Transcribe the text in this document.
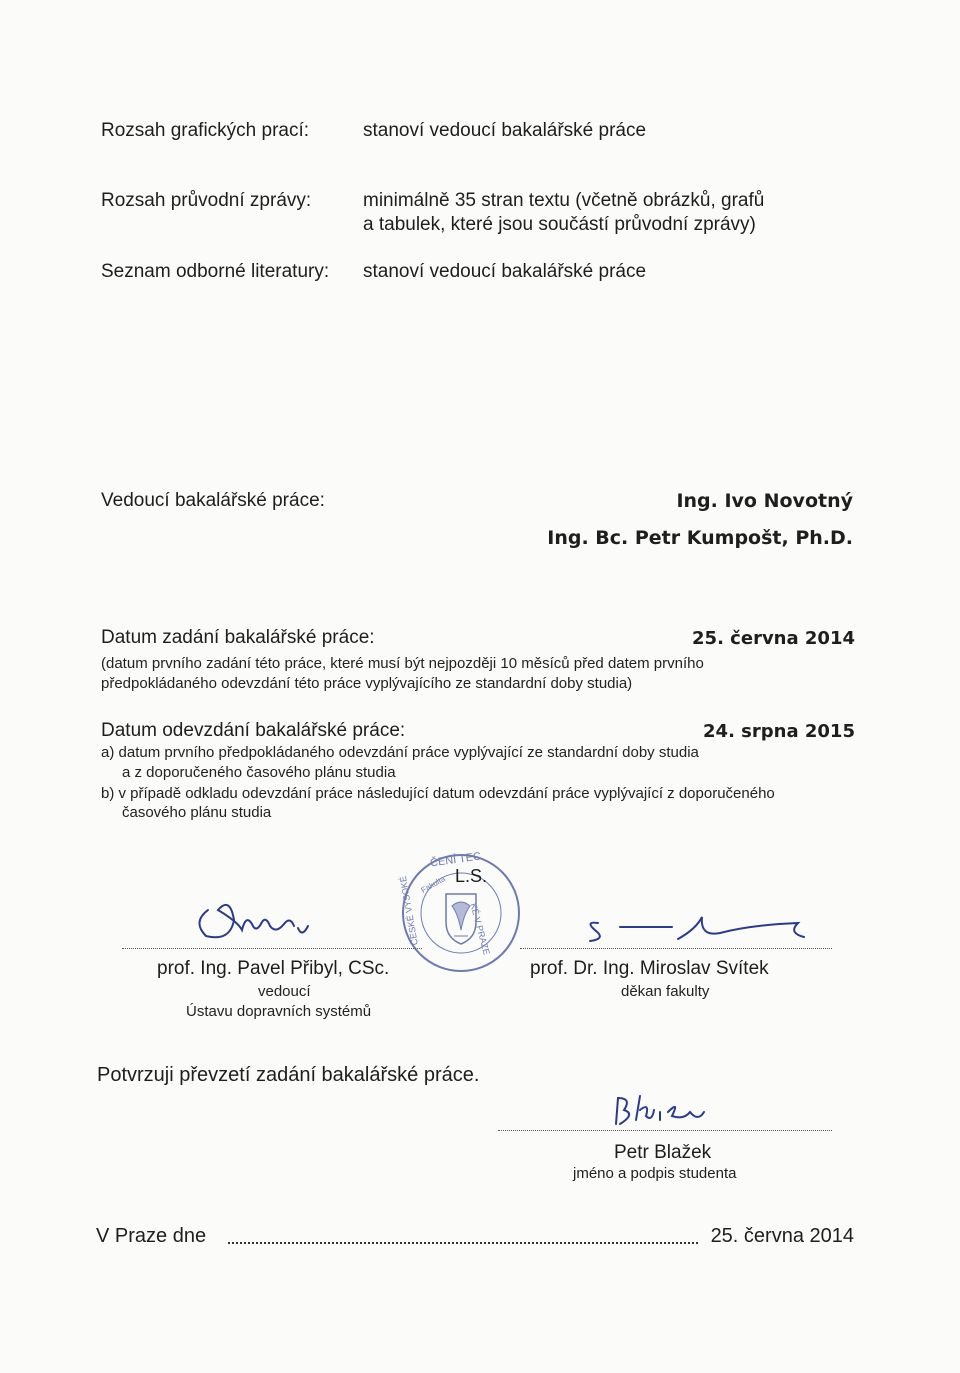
Rozsah grafických prací:	stanoví vedoucí bakalářské práce
Rozsah průvodní zprávy:	minimálně 35 stran textu (včetně obrázků, grafů
a tabulek, které jsou součástí průvodní zprávy)
Seznam odborné literatury: stanoví vedoucí bakalářské práce
Vedoucí bakalářské práce:	Ing. Ivo Novotný
Ing. Bc. Petr Kumpošt, Ph.D.
Datum zadání bakalářské práce:	25. června 2014
(datum prvního zadání této práce, které musí být nejpozději 10 měsíců před datem prvního
předpokládaného odevzdání této práce vyplývajícího ze standardní doby studia)
Datum odevzdání bakalářské práce:	24. srpna 2015
a) datum prvního předpokládaného odevzdání práce vyplývající ze standardní doby studia
a z doporučeného časového plánu studia
b) v případě odkladu odevzdání práce následující datum odevzdání práce vyplývající z doporučeného
časového plánu studia
ČENÍ TEC
KÉ V PRAZE
ČESKÉ VYSOKÉ Fakulta L.S.
prof. Ing. Pavel Přibyl, CSc.
vedoucí
Ústavu dopravních systémů
prof. Dr. Ing. Miroslav Svítek
děkan fakulty
Potvrzuji převzetí zadání bakalářské práce.
Petr Blažek
jméno a podpis studenta
V Praze dne	25. června 2014
